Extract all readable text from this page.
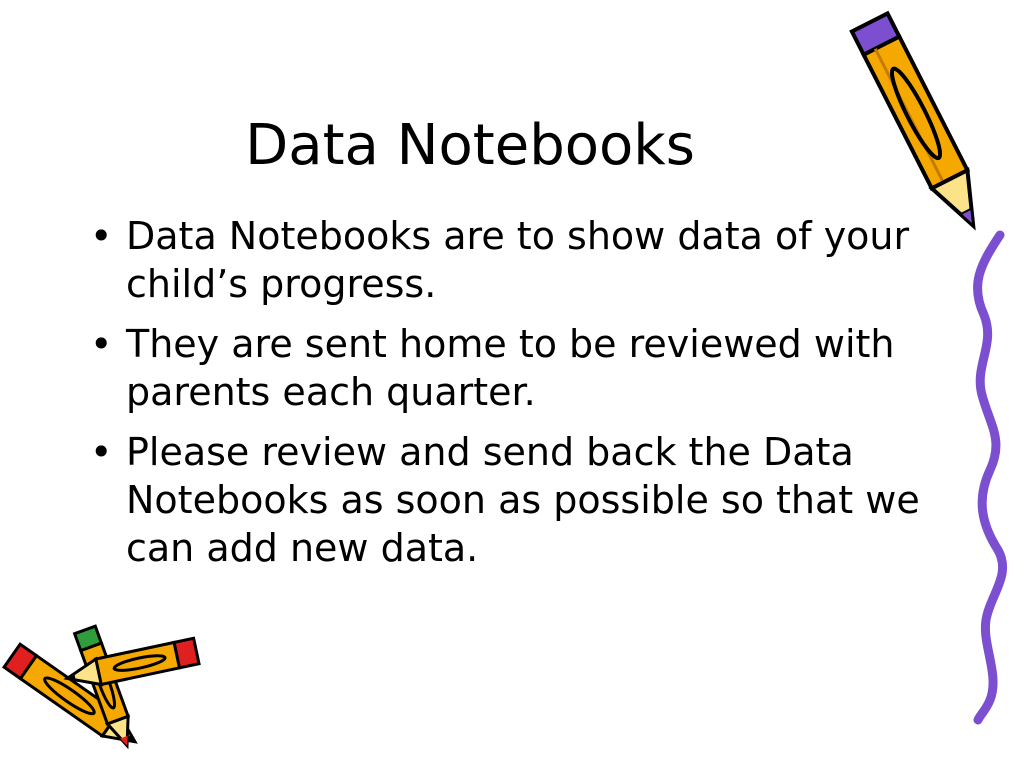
Data Notebooks
• Data Notebooks are to show data of your child’s progress.
• They are sent home to be reviewed with parents each quarter.
• Please review and send back the Data Notebooks as soon as possible so that we can add new data.
